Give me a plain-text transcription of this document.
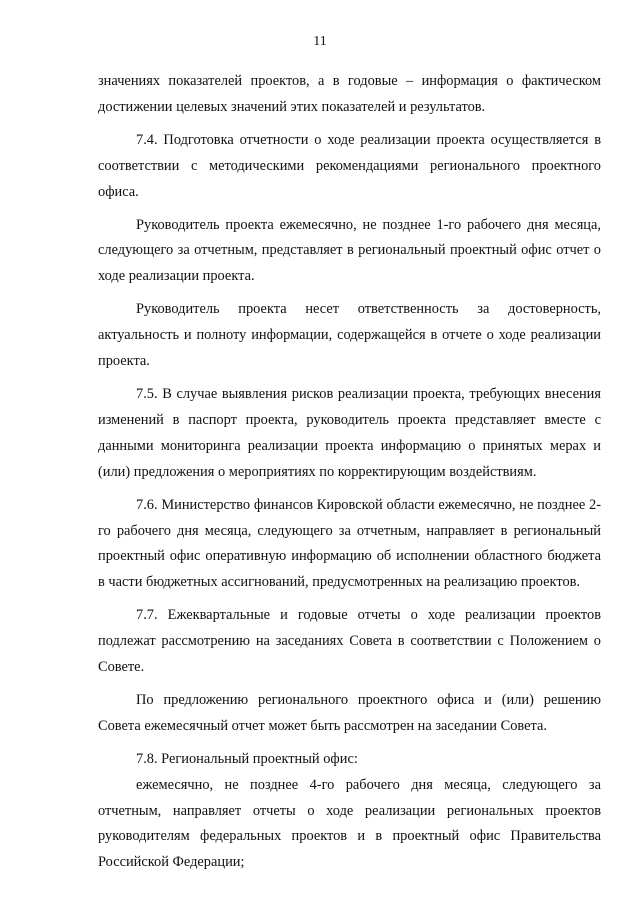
11

значениях показателей проектов, а в годовые – информация о фактическом достижении целевых значений этих показателей и результатов.

7.4. Подготовка отчетности о ходе реализации проекта осуществляется в соответствии с методическими рекомендациями регионального проектного офиса.

Руководитель проекта ежемесячно, не позднее 1-го рабочего дня месяца, следующего за отчетным, представляет в региональный проектный офис отчет о ходе реализации проекта.

Руководитель проекта несет ответственность за достоверность, актуальность и полноту информации, содержащейся в отчете о ходе реализации проекта.

7.5. В случае выявления рисков реализации проекта, требующих внесения изменений в паспорт проекта, руководитель проекта представляет вместе с данными мониторинга реализации проекта информацию о принятых мерах и (или) предложения о мероприятиях по корректирующим воздействиям.

7.6. Министерство финансов Кировской области ежемесячно, не позднее 2-го рабочего дня месяца, следующего за отчетным, направляет в региональный проектный офис оперативную информацию об исполнении областного бюджета в части бюджетных ассигнований, предусмотренных на реализацию проектов.

7.7. Ежеквартальные и годовые отчеты о ходе реализации проектов подлежат рассмотрению на заседаниях Совета в соответствии с Положением о Совете.

По предложению регионального проектного офиса и (или) решению Совета ежемесячный отчет может быть рассмотрен на заседании Совета.

7.8. Региональный проектный офис:

ежемесячно, не позднее 4-го рабочего дня месяца, следующего за отчетным, направляет отчеты о ходе реализации региональных проектов руководителям федеральных проектов и в проектный офис Правительства Российской Федерации;
